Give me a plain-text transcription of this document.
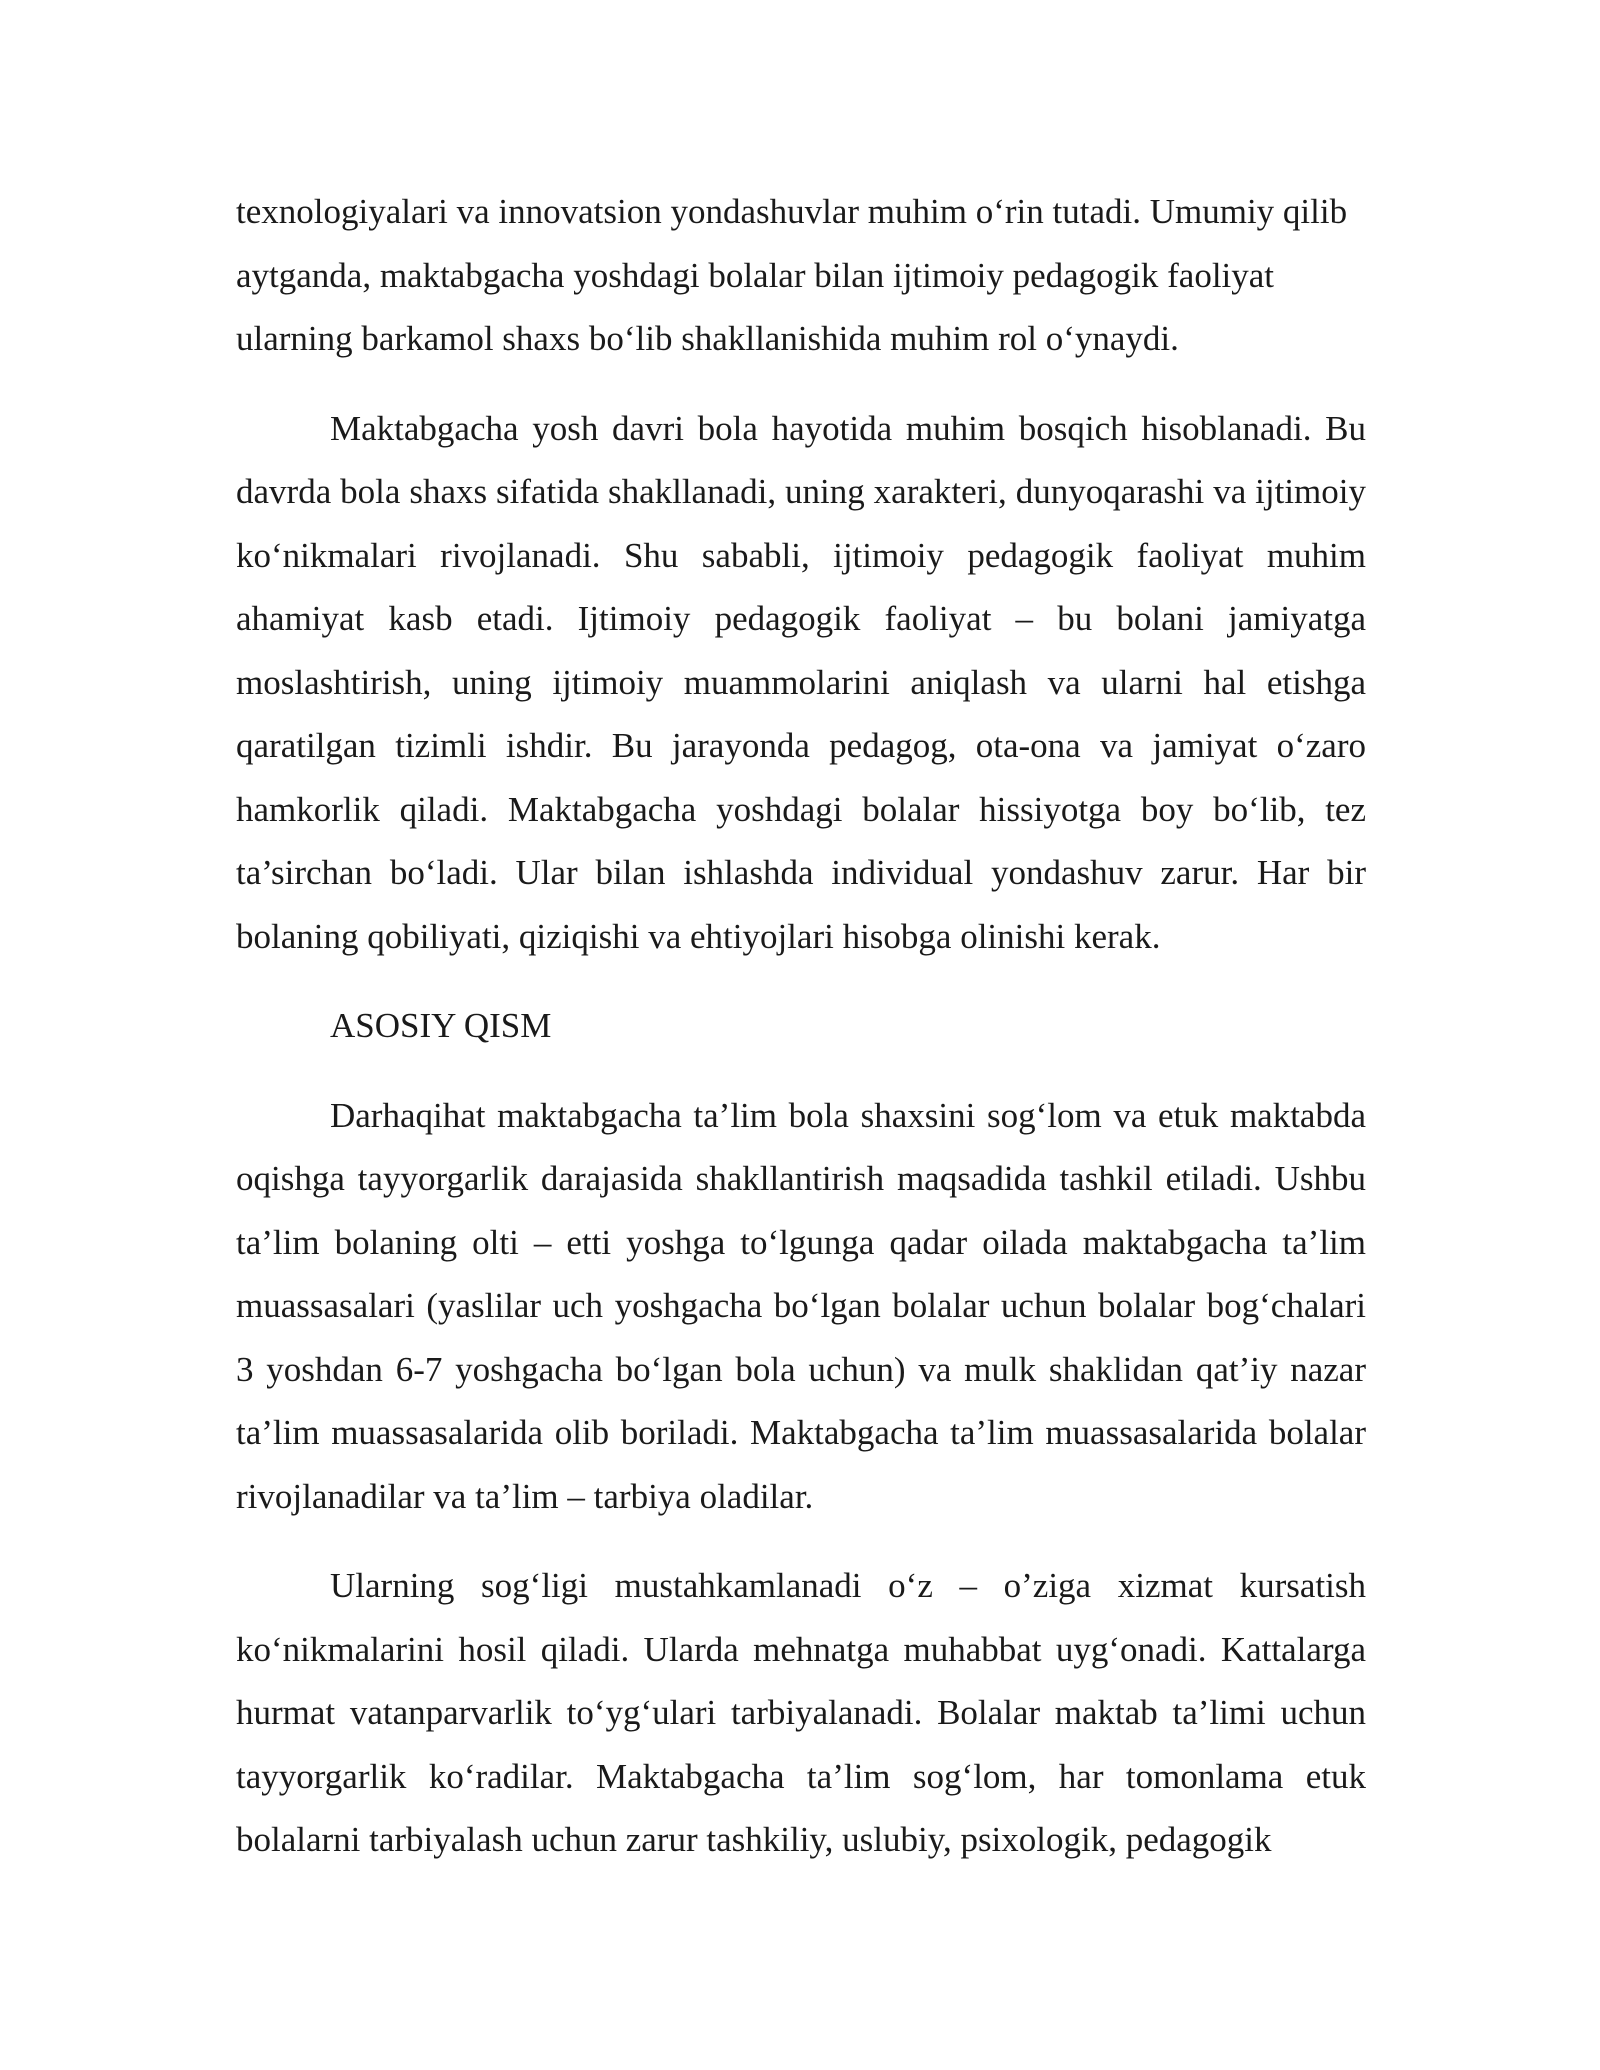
texnologiyalari va innovatsion yondashuvlar muhim o‘rin tutadi. Umumiy qilib aytganda, maktabgacha yoshdagi bolalar bilan ijtimoiy pedagogik faoliyat ularning barkamol shaxs bo‘lib shakllanishida muhim rol o‘ynaydi.

Maktabgacha yosh davri bola hayotida muhim bosqich hisoblanadi. Bu davrda bola shaxs sifatida shakllanadi, uning xarakteri, dunyoqarashi va ijtimoiy ko‘nikmalari rivojlanadi. Shu sababli, ijtimoiy pedagogik faoliyat muhim ahamiyat kasb etadi. Ijtimoiy pedagogik faoliyat – bu bolani jamiyatga moslashtirish, uning ijtimoiy muammolarini aniqlash va ularni hal etishga qaratilgan tizimli ishdir. Bu jarayonda pedagog, ota-ona va jamiyat o‘zaro hamkorlik qiladi. Maktabgacha yoshdagi bolalar hissiyotga boy bo‘lib, tez ta’sirchan bo‘ladi. Ular bilan ishlashda individual yondashuv zarur. Har bir bolaning qobiliyati, qiziqishi va ehtiyojlari hisobga olinishi kerak.

ASOSIY QISM

Darhaqihat maktabgacha ta’lim bola shaxsini sog‘lom va etuk maktabda oqishga tayyorgarlik darajasida shakllantirish maqsadida tashkil etiladi. Ushbu ta’lim bolaning olti – etti yoshga to‘lgunga qadar oilada maktabgacha ta’lim muassasalari (yaslilar uch yoshgacha bo‘lgan bolalar uchun bolalar bog‘chalari 3 yoshdan 6-7 yoshgacha bo‘lgan bola uchun) va mulk shaklidan qat’iy nazar ta’lim muassasalarida olib boriladi. Maktabgacha ta’lim muassasalarida bolalar rivojlanadilar va ta’lim – tarbiya oladilar.

Ularning sog‘ligi mustahkamlanadi o‘z – o’ziga xizmat kursatish ko‘nikmalarini hosil qiladi. Ularda mehnatga muhabbat uyg‘onadi. Kattalarga hurmat vatanparvarlik to‘yg‘ulari tarbiyalanadi. Bolalar maktab ta’limi uchun tayyorgarlik ko‘radilar. Maktabgacha ta’lim sog‘lom, har tomonlama etuk bolalarni tarbiyalash uchun zarur tashkiliy, uslubiy, psixologik, pedagogik
